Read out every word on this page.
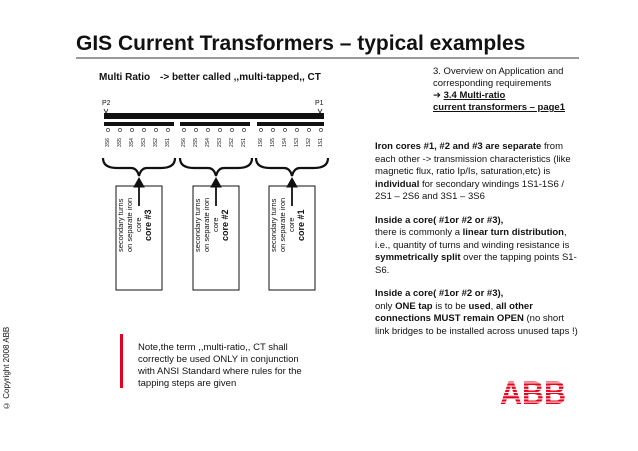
GIS Current Transformers – typical examples
Multi Ratio -> better called ,,multi-tapped,, CT
3. Overview on Application and
corresponding requirements
➔ 3.4 Multi-ratio
current transformers – page1
P2	P1
3S6 3S5 3S4 3S3 3S2 3S1 2S6 2S5 2S4 2S3 2S2 2S1 1S6 1S5 1S4 1S3 1S2 1S1
secondary turns
on separate iron core
core #3	secondary turns
on separate iron core
core #2	secondary turns
on separate iron core
core #1

Iron cores #1, #2 and #3 are separate from each other -> transmission characteristics (like magnetic flux, ratio Ip/Is, saturation,etc) is individual for secondary windings 1S1-1S6 / 2S1 – 2S6 and 3S1 – 3S6

Inside a core( #1or #2 or #3),
there is commonly a linear turn distribution, i.e., quantity of turns and winding resistance is symmetrically split over the tapping points S1-S6.

Inside a core( #1or #2 or #3),
only ONE tap is to be used, all other connections MUST remain OPEN (no short link bridges to be installed across unused taps !)

Note,the term ,,multi-ratio,, CT shall correctly be used ONLY in conjunction with ANSI Standard where rules for the tapping steps are given
© Copyright 2008 ABB	ABB
